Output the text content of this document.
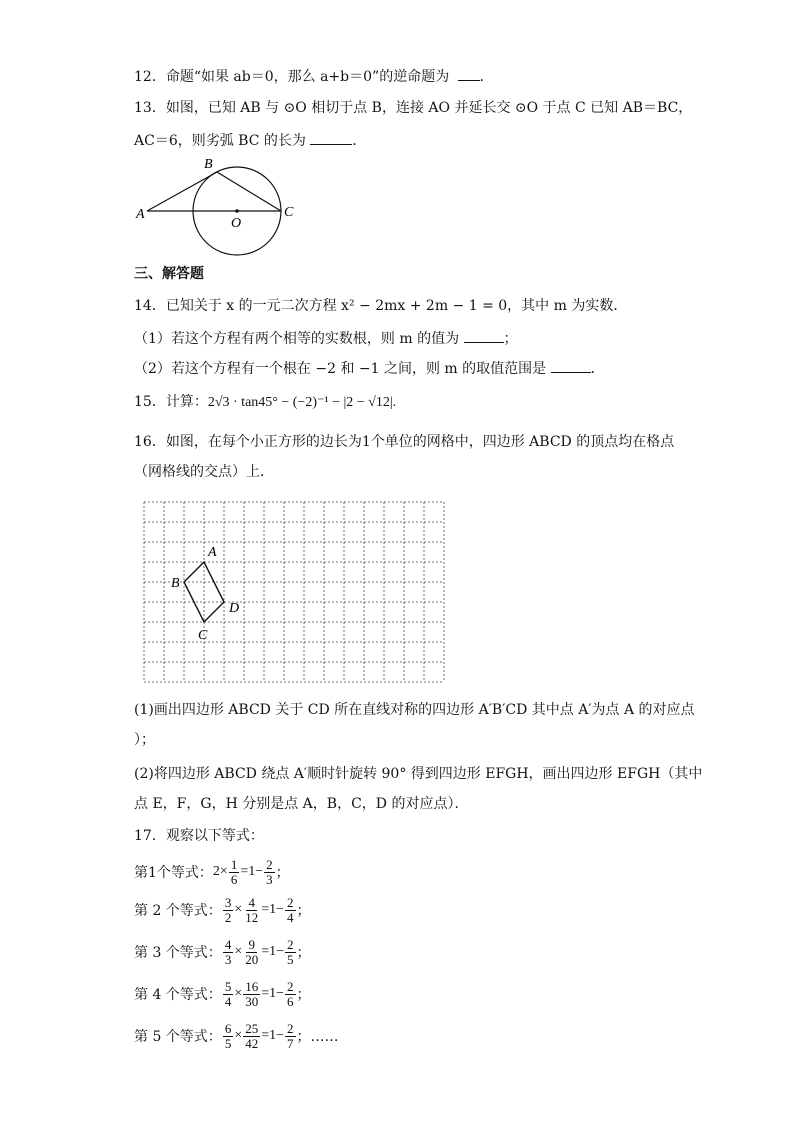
12．命题“如果 ab＝0，那么 a+b＝0”的逆命题为 ．
13．如图，已知 AB 与 ⊙O 相切于点 B，连接 AO 并延长交 ⊙O 于点 C 已知 AB＝BC，
AC＝6，则劣弧 BC 的长为	．
A
B
C
O
三、解答题
14．已知关于 x 的一元二次方程 x² − 2mx + 2m − 1 = 0，其中 m 为实数．
（1）若这个方程有两个相等的实数根，则 m 的值为	；
（2）若这个方程有一个根在 −2 和 −1 之间，则 m 的取值范围是	．
15．计算：2√3 · tan45° − (−2)⁻¹ − |2 − √12|.
16．如图，在每个小正方形的边长为1个单位的网格中，四边形 ABCD 的顶点均在格点
（网格线的交点）上．
A
B
C
D
(1)画出四边形 ABCD 关于 CD 所在直线对称的四边形 A′B′CD 其中点 A′为点 A 的对应点
）；
(2)将四边形 ABCD 绕点 A′顺时针旋转 90° 得到四边形 EFGH，画出四边形 EFGH（其中
点 E，F，G，H 分别是点 A，B，C，D 的对应点）．
17．观察以下等式：
第1个等式： $2 \times \frac{1}{6} =1- \frac{2}{3}$ ；
第 2 个等式： $\frac{3}{2} \times \frac{4}{12} =1- \frac{2}{4}$ ；
第 3 个等式： $\frac{4}{3} \times \frac{9}{20} =1- \frac{2}{5}$ ；
第 4 个等式： $\frac{5}{4} \times \frac{16}{30} =1- \frac{2}{6}$ ；
第 5 个等式： $\frac{6}{5} \times \frac{25}{42} =1- \frac{2}{7}$ ；……
